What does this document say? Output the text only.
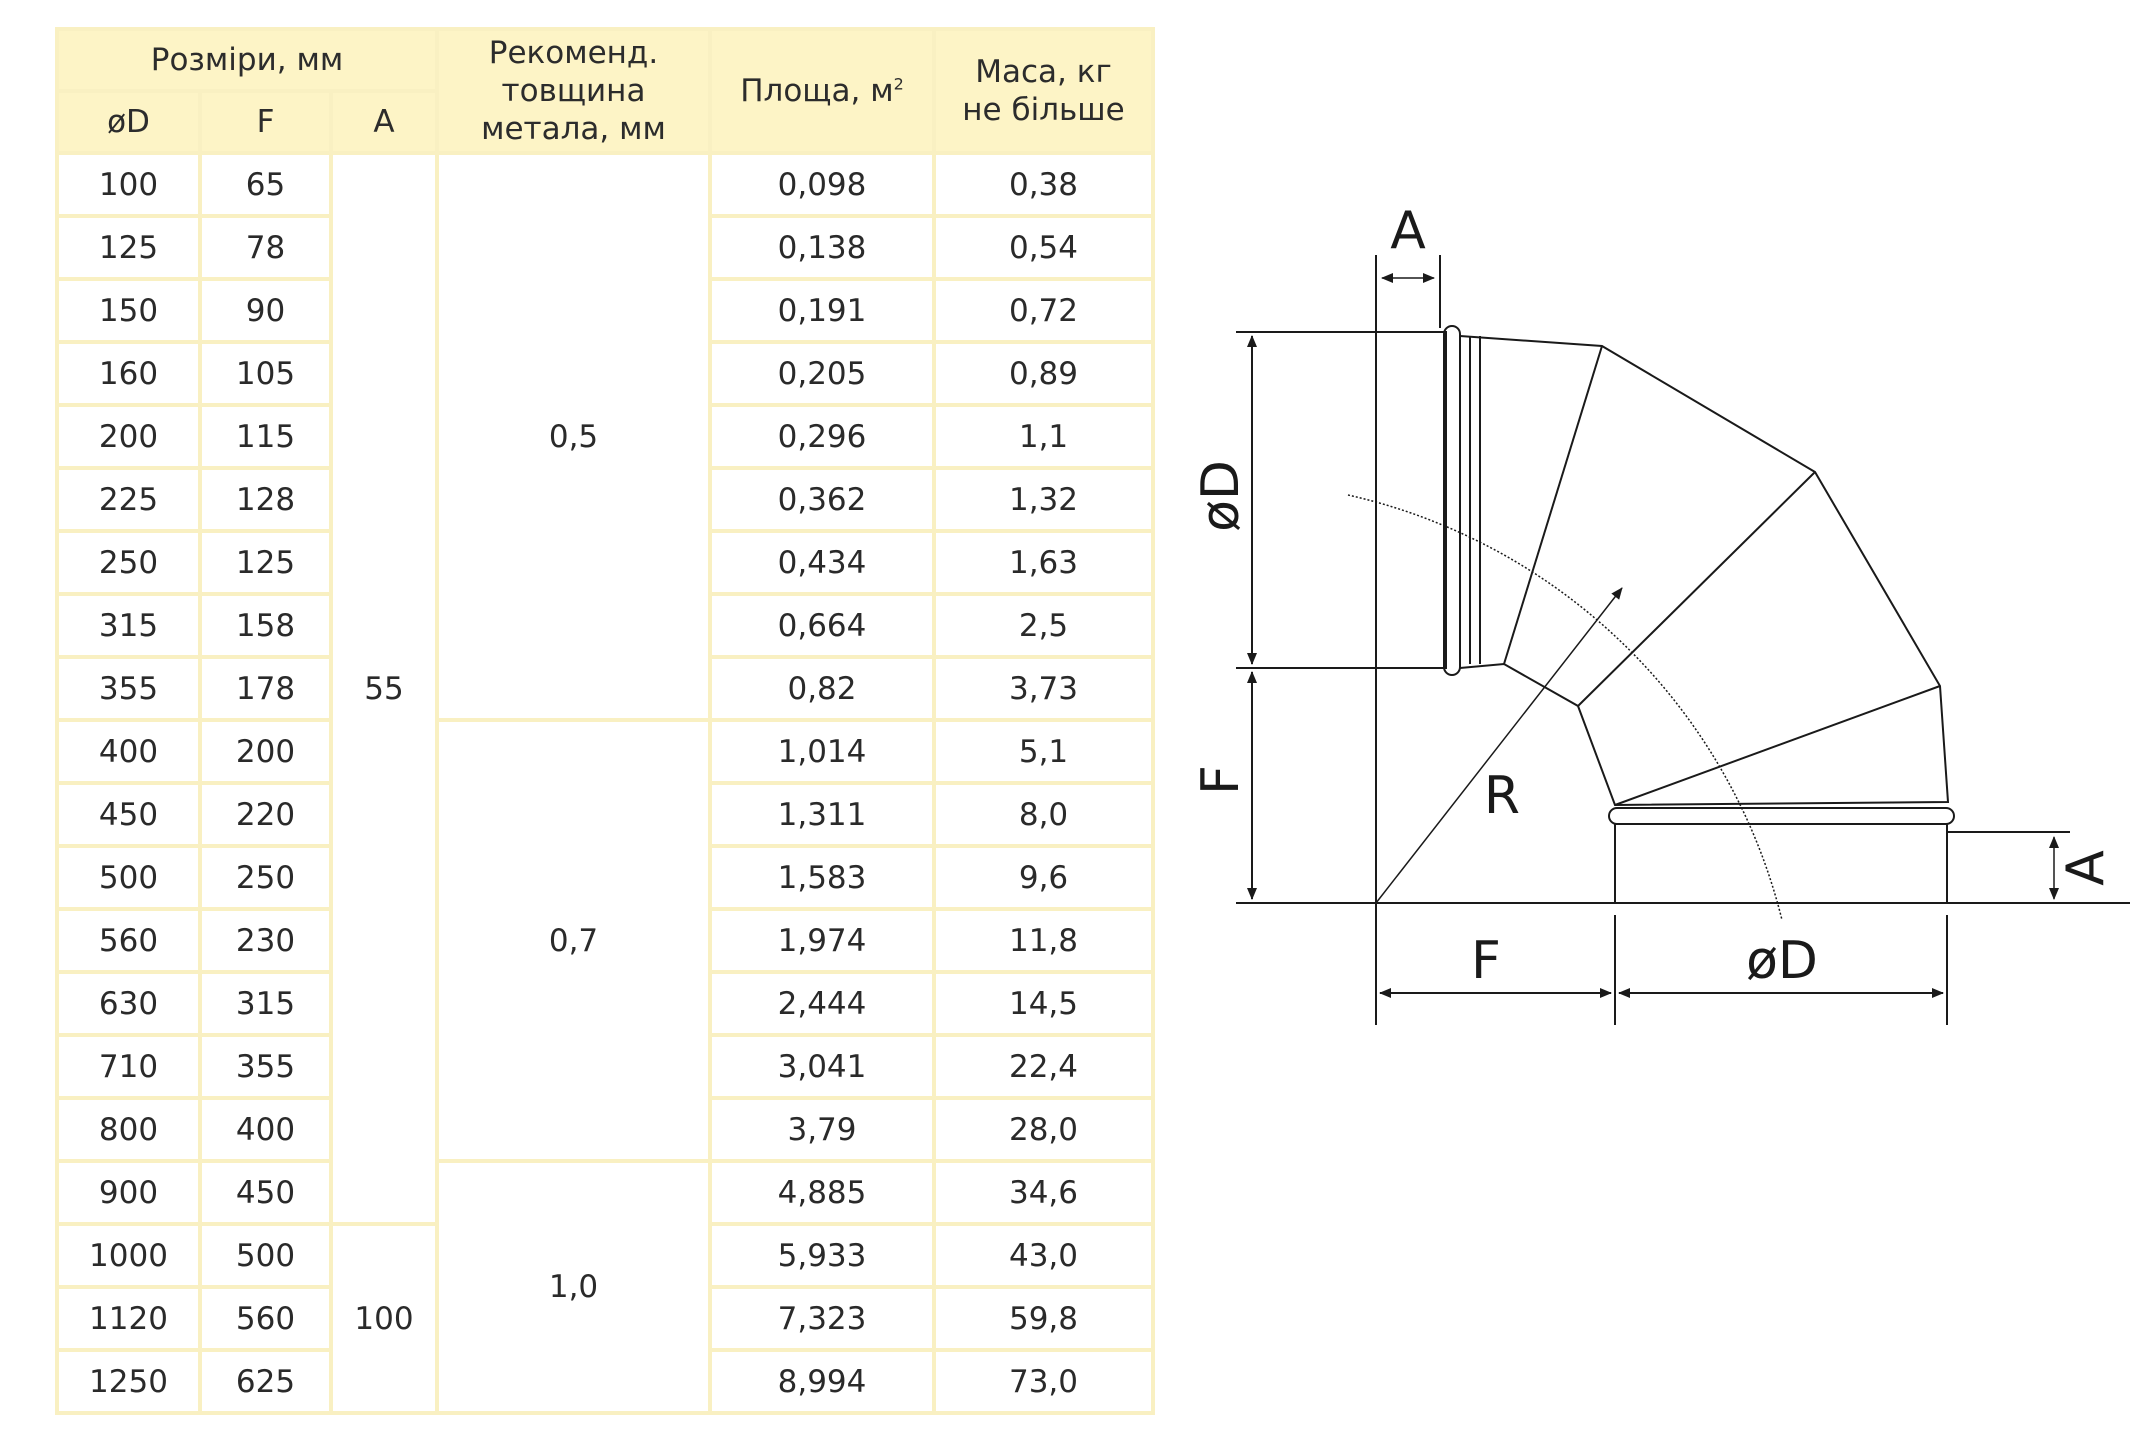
Розміри, мм			Рекоменд.
товщина
метала, мм	Площа, $м^2$	Маса, кг
не більше
øD	F	A			
100	65	55	0,5	0,098	0,38
125	78			0,138	0,54
150	90			0,191	0,72
160	105			0,205	0,89
200	115			0,296	1,1
225	128			0,362	1,32
250	125			0,434	1,63
315	158			0,664	2,5
355	178			0,82	3,73
400	200		0,7	1,014	5,1
450	220			1,311	8,0
500	250			1,583	9,6
560	230			1,974	11,8
630	315			2,444	14,5
710	355			3,041	22,4
800	400			3,79	28,0
900	450		1,0	4,885	34,6
1000	500	100		5,933	43,0
1120	560			7,323	59,8
1250	625			8,994	73,0
A
øD
F	R
F	øD
A
